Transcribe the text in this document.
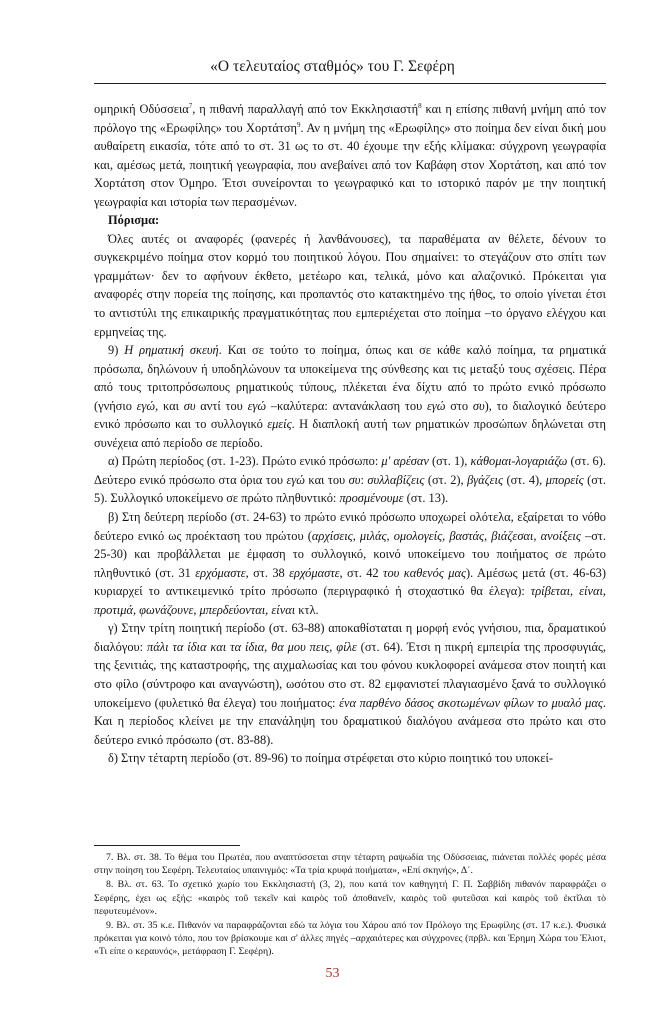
«Ο τελευταίος σταθμός» του Γ. Σεφέρη

ομηρική Οδύσσεια$^7$, η πιθανή παραλλαγή από τον Εκκλησιαστή$^8$ και η επίσης πιθανή μνήμη από τον πρόλογο της «Ερωφίλης» του Χορτάτση$^9$. Αν η μνήμη της «Ερωφίλης» στο ποίημα δεν είναι δική μου αυθαίρετη εικασία, τότε από το στ. 31 ως το στ. 40 έχουμε την εξής κλίμακα: σύγχρονη γεωγραφία και, αμέσως μετά, ποιητική γεωγραφία, που ανεβαίνει από τον Καβάφη στον Χορτάτση, και από τον Χορτάτση στον Όμηρο. Έτσι συνείρονται το γεωγραφικό και το ιστορικό παρόν με την ποιητική γεωγραφία και ιστορία των περασμένων.

Πόρισμα:

Όλες αυτές οι αναφορές (φανερές ή λανθάνουσες), τα παραθέματα αν θέλετε, δένουν το συγκεκριμένο ποίημα στον κορμό του ποιητικού λόγου. Που σημαίνει: το στεγάζουν στο σπίτι των γραμμάτων· δεν το αφήνουν έκθετο, μετέωρο και, τελικά, μόνο και αλαζονικό. Πρόκειται για αναφορές στην πορεία της ποίησης, και προπαντός στο κατακτημένο της ήθος, το οποίο γίνεται έτσι το αντιστύλι της επικαιρικής πραγματικότητας που εμπεριέχεται στο ποίημα –το όργανο ελέγχου και ερμηνείας της.

9) Η ρηματική σκευή. Και σε τούτο το ποίημα, όπως και σε κάθε καλό ποίημα, τα ρηματικά πρόσωπα, δηλώνουν ή υποδηλώνουν τα υποκείμενα της σύνθεσης και τις μεταξύ τους σχέσεις. Πέρα από τους τριτοπρόσωπους ρηματικούς τύπους, πλέκεται ένα δίχτυ από το πρώτο ενικό πρόσωπο (γνήσιο εγώ, και συ αντί του εγώ –καλύτερα: αντανάκλαση του εγώ στο συ), το διαλογικό δεύτερο ενικό πρόσωπο και το συλλογικό εμείς. Η διαπλοκή αυτή των ρηματικών προσώπων δηλώνεται στη συνέχεια από περίοδο σε περίοδο.

α) Πρώτη περίοδος (στ. 1-23). Πρώτο ενικό πρόσωπο: μ' αρέσαν (στ. 1), κάθομαι-λογαριάζω (στ. 6). Δεύτερο ενικό πρόσωπο στα όρια του εγώ και του συ: συλλαβίζεις (στ. 2), βγάζεις (στ. 4), μπορείς (στ. 5). Συλλογικό υποκείμενο σε πρώτο πληθυντικό: προσμένουμε (στ. 13).

β) Στη δεύτερη περίοδο (στ. 24-63) το πρώτο ενικό πρόσωπο υποχωρεί ολότελα, εξαίρεται το νόθο δεύτερο ενικό ως προέκταση του πρώτου (αρχίσεις, μιλάς, ομολογείς, βαστάς, βιάζεσαι, ανοίξεις –στ. 25-30) και προβάλλεται με έμφαση το συλλογικό, κοινό υποκείμενο του ποιήματος σε πρώτο πληθυντικό (στ. 31 ερχόμαστε, στ. 38 ερχόμαστε, στ. 42 του καθενός μας). Αμέσως μετά (στ. 46-63) κυριαρχεί το αντικειμενικό τρίτο πρόσωπο (περιγραφικό ή στοχαστικό θα έλεγα): τρίβεται, είναι, προτιμά, φωνάζουνε, μπερδεύονται, είναι κτλ.

γ) Στην τρίτη ποιητική περίοδο (στ. 63-88) αποκαθίσταται η μορφή ενός γνήσιου, πια, δραματικού διαλόγου: πάλι τα ίδια και τα ίδια, θα μου πεις, φίλε (στ. 64). Έτσι η πικρή εμπειρία της προσφυγιάς, της ξενιτιάς, της καταστροφής, της αιχμαλωσίας και του φόνου κυκλοφορεί ανάμεσα στον ποιητή και στο φίλο (σύντροφο και αναγνώστη), ωσότου στο στ. 82 εμφανιστεί πλαγιασμένο ξανά το συλλογικό υποκείμενο (φυλετικό θα έλεγα) του ποιήματος: ένα παρθένο δάσος σκοτωμένων φίλων το μυαλό μας. Και η περίοδος κλείνει με την επανάληψη του δραματικού διαλόγου ανάμεσα στο πρώτο και στο δεύτερο ενικό πρόσωπο (στ. 83-88).

δ) Στην τέταρτη περίοδο (στ. 89-96) το ποίημα στρέφεται στο κύριο ποιητικό του υποκεί-

7. Βλ. στ. 38. Το θέμα του Πρωτέα, που αναπτύσσεται στην τέταρτη ραψωδία της Οδύσσειας, πιάνεται πολλές φορές μέσα στην ποίηση του Σεφέρη. Τελευταίος υπαινιγμός: «Τα τρία κρυφά ποιήματα», «Επί σκηνής», Δ΄.

8. Βλ. στ. 63. Το σχετικό χωρίο του Εκκλησιαστή (3, 2), που κατά τον καθηγητή Γ. Π. Σαββίδη πιθανόν παραφράζει ο Σεφέρης, έχει ως εξής: «καιρὸς τοῦ τεκεῖν καὶ καιρὸς τοῦ ἀποθανεῖν, καιρὸς τοῦ φυτεῦσαι καὶ καιρὸς τοῦ ἐκτῖλαι τὸ πεφυτευμένον».

9. Βλ. στ. 35 κ.ε. Πιθανόν να παραφράζονται εδώ τα λόγια του Χάρου από τον Πρόλογο της Ερωφίλης (στ. 17 κ.ε.). Φυσικά πρόκειται για κοινό τόπο, που τον βρίσκουμε και σ' άλλες πηγές –αρχαιότερες και σύγχρονες (πρβλ. και Έρημη Χώρα του Έλιοτ, «Τι είπε ο κεραυνός», μετάφραση Γ. Σεφέρη).

53
